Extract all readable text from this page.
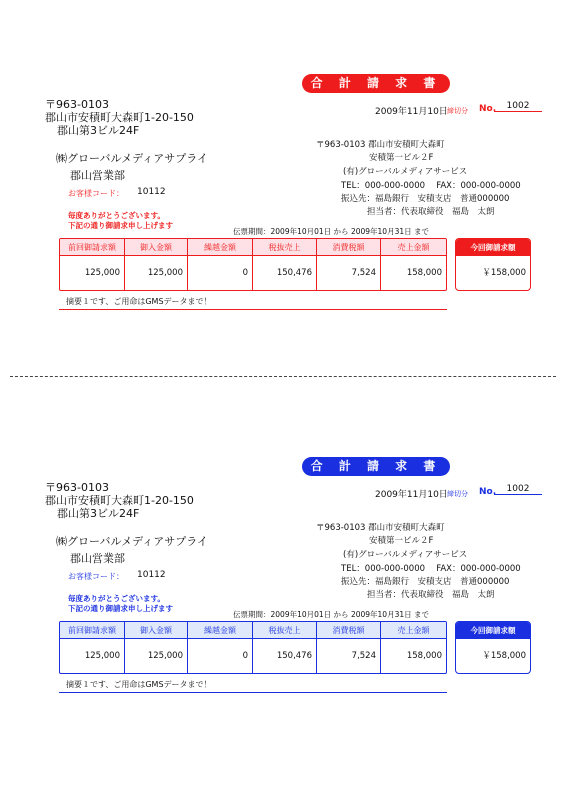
合 計 請 求 書
〒963-0103
郡山市安積町大森町1-20-150
郡山第3ビル24F
2009年11月10日 締切分 No.	1002
〒963-0103 郡山市安積町大森町
安積第一ビル２F
(有)グローバルメディアサービス
TEL：000-000-0000　 FAX：000-000-0000
振込先：福島銀行　安積支店　普通000000
担当者：代表取締役　福島　太朗
㈱グローバルメディアサプライ
郡山営業部
お客様コード： 10112
毎度ありがとうございます。
下記の通り御請求申し上げます
伝票期間：2009年10月01日 から 2009年10月31日 まで
前回御請求額	御入金額	繰越金額	税抜売上	消費税額	売上金額
125,000	125,000	0	150,476	7,524	158,000
今回御請求額
￥158,000
摘要１です、ご用命はGMSデータまで！
合 計 請 求 書
〒963-0103
郡山市安積町大森町1-20-150
郡山第3ビル24F
2009年11月10日 締切分 No.	1002
〒963-0103 郡山市安積町大森町
安積第一ビル２F
(有)グローバルメディアサービス
TEL：000-000-0000　 FAX：000-000-0000
振込先：福島銀行　安積支店　普通000000
担当者：代表取締役　福島　太朗
㈱グローバルメディアサプライ
郡山営業部
お客様コード： 10112
毎度ありがとうございます。
下記の通り御請求申し上げます
伝票期間：2009年10月01日 から 2009年10月31日 まで
前回御請求額	御入金額	繰越金額	税抜売上	消費税額	売上金額
125,000	125,000	0	150,476	7,524	158,000
今回御請求額
￥158,000
摘要１です、ご用命はGMSデータまで！
